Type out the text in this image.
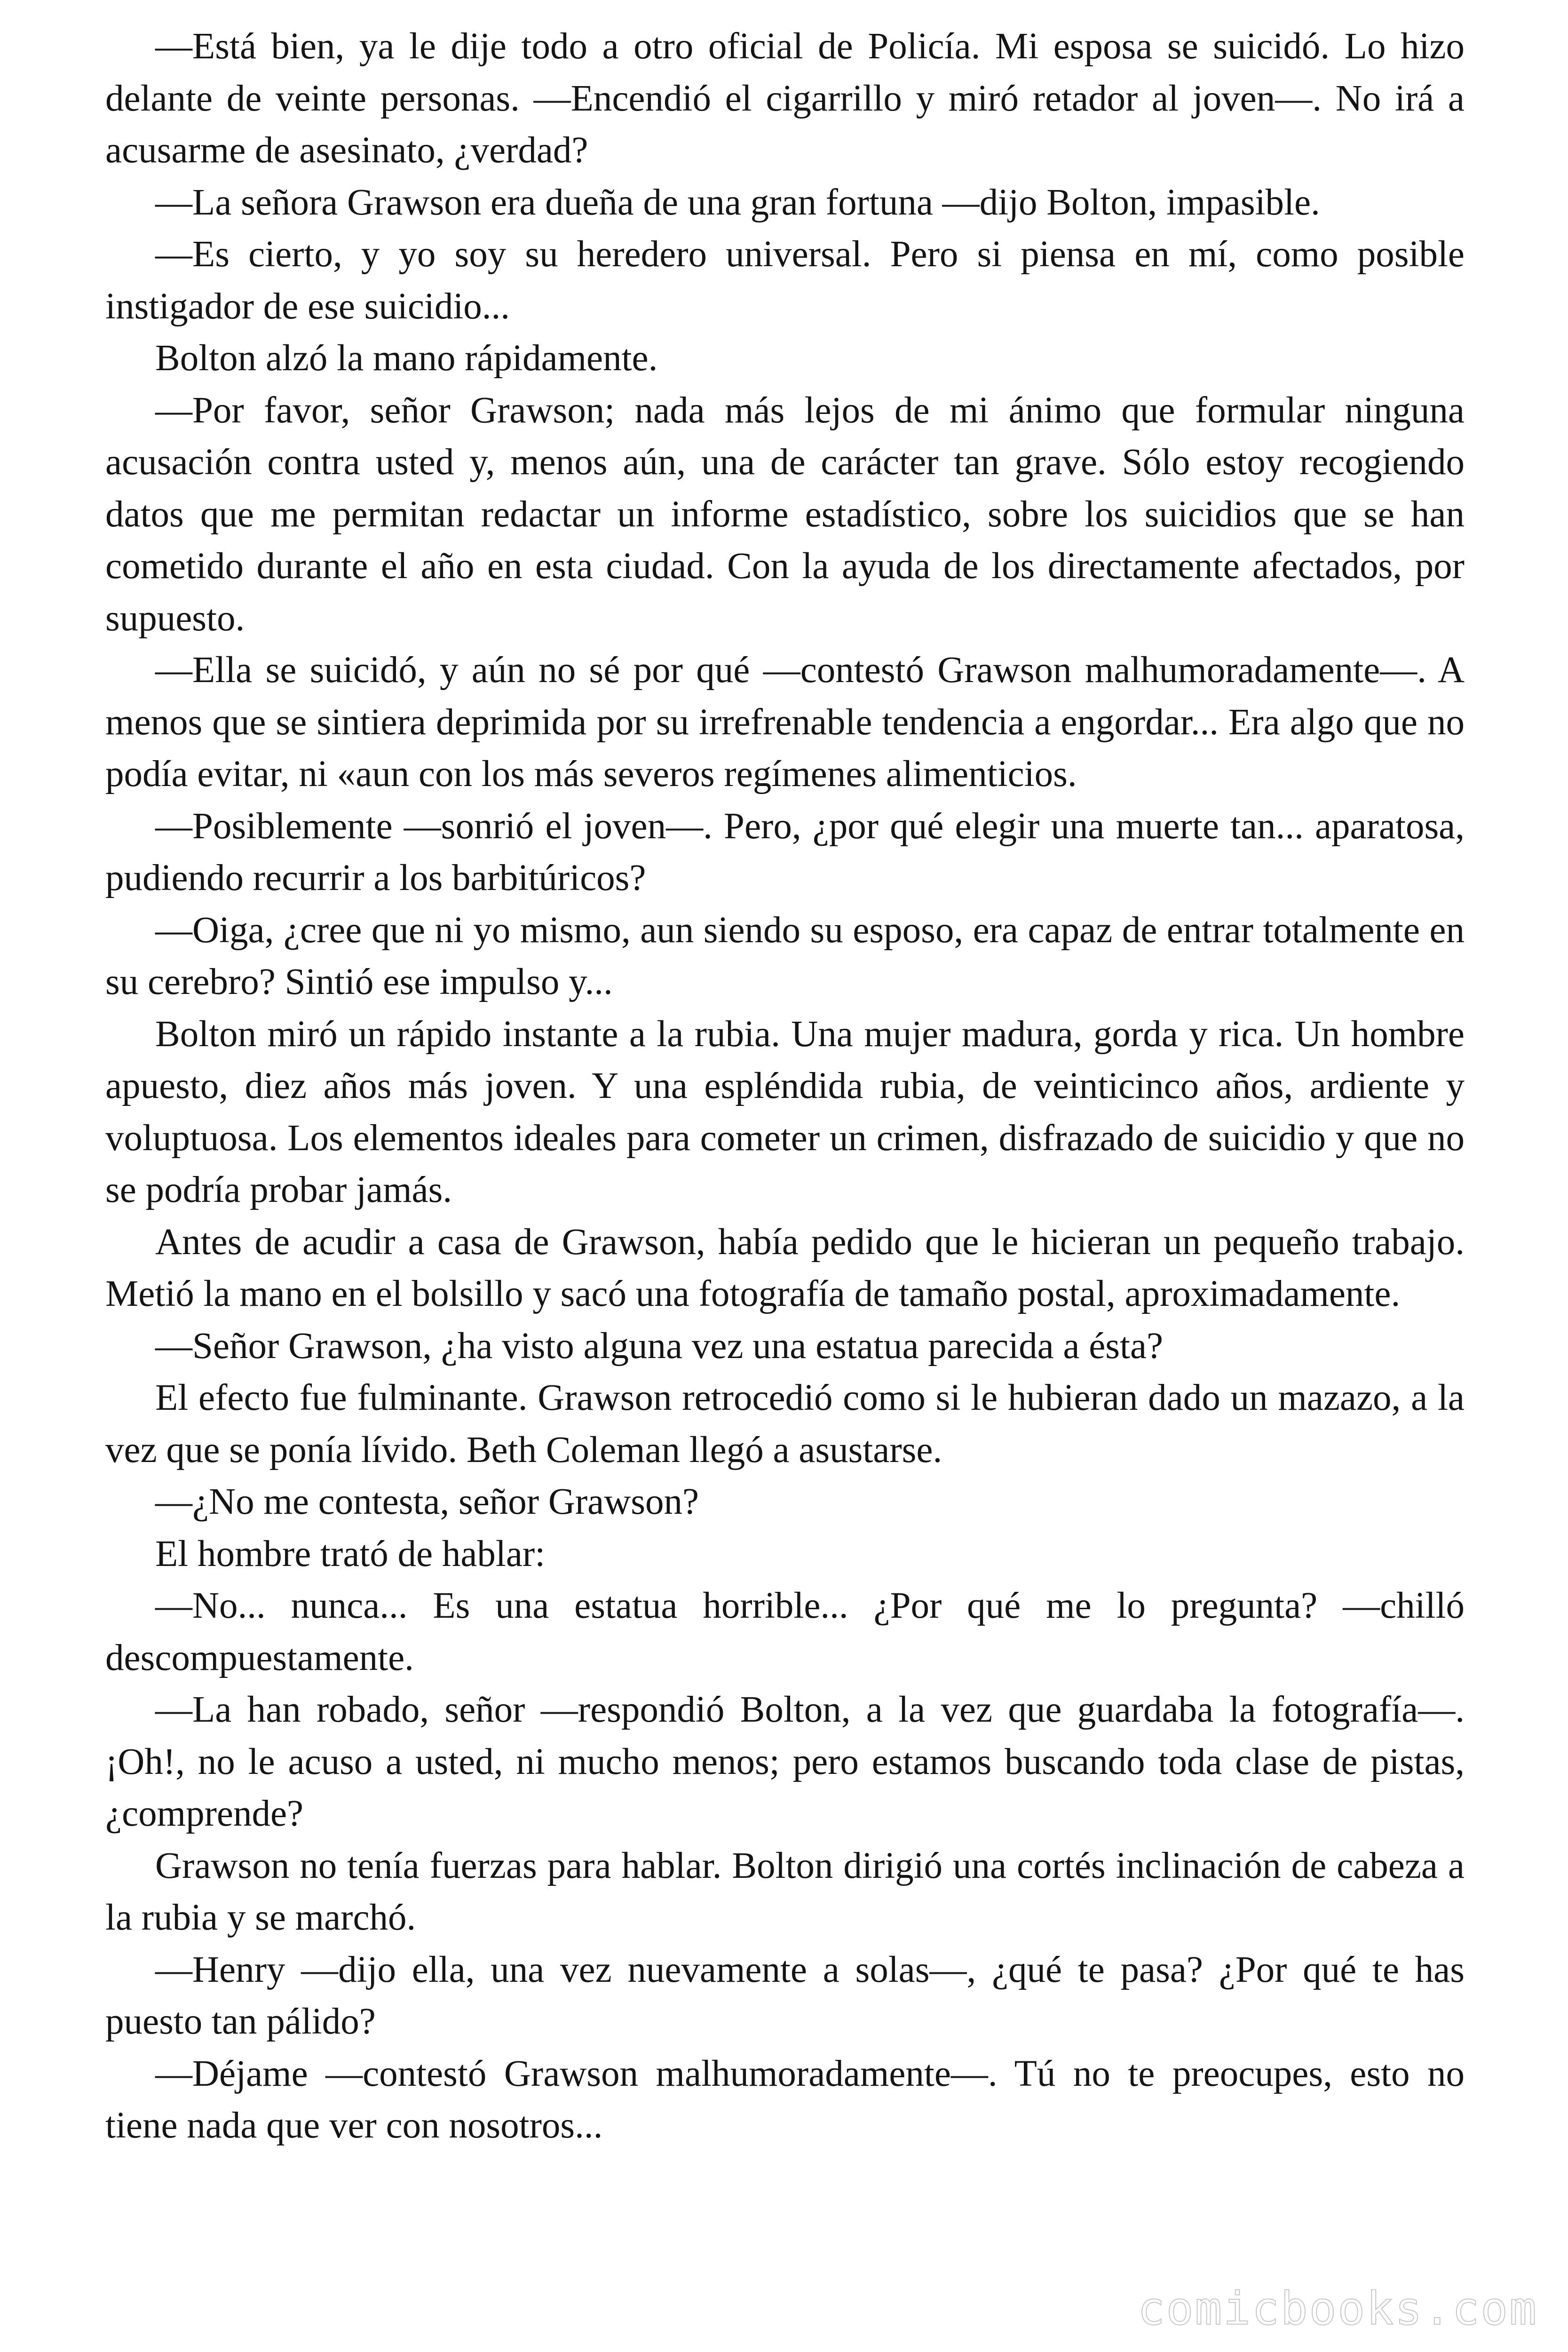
—Está bien, ya le dije todo a otro oficial de Policía. Mi esposa se suicidó. Lo hizo delante de veinte personas. —Encendió el cigarrillo y miró retador al joven—. No irá a acusarme de asesinato, ¿verdad?

—La señora Grawson era dueña de una gran fortuna —dijo Bolton, impasible.

—Es cierto, y yo soy su heredero universal. Pero si piensa en mí, como posible instigador de ese suicidio...

Bolton alzó la mano rápidamente.

—Por favor, señor Grawson; nada más lejos de mi ánimo que formular ninguna acusación contra usted y, menos aún, una de carácter tan grave. Sólo estoy recogiendo datos que me permitan redactar un informe estadístico, sobre los suicidios que se han cometido durante el año en esta ciudad. Con la ayuda de los directamente afectados, por supuesto.

—Ella se suicidó, y aún no sé por qué —contestó Grawson malhumoradamente—. A menos que se sintiera deprimida por su irrefrenable tendencia a engordar... Era algo que no podía evitar, ni «aun con los más severos regímenes alimenticios.

—Posiblemente —sonrió el joven—. Pero, ¿por qué elegir una muerte tan... aparatosa, pudiendo recurrir a los barbitúricos?

—Oiga, ¿cree que ni yo mismo, aun siendo su esposo, era capaz de entrar totalmente en su cerebro? Sintió ese impulso y...

Bolton miró un rápido instante a la rubia. Una mujer madura, gorda y rica. Un hombre apuesto, diez años más joven. Y una espléndida rubia, de veinticinco años, ardiente y voluptuosa. Los elementos ideales para cometer un crimen, disfrazado de suicidio y que no se podría probar jamás.

Antes de acudir a casa de Grawson, había pedido que le hicieran un pequeño trabajo. Metió la mano en el bolsillo y sacó una fotografía de tamaño postal, aproximadamente.

—Señor Grawson, ¿ha visto alguna vez una estatua parecida a ésta?

El efecto fue fulminante. Grawson retrocedió como si le hubieran dado un mazazo, a la vez que se ponía lívido. Beth Coleman llegó a asustarse.

—¿No me contesta, señor Grawson?

El hombre trató de hablar:

—No... nunca... Es una estatua horrible... ¿Por qué me lo pregunta? —chilló descompuestamente.

—La han robado, señor —respondió Bolton, a la vez que guardaba la fotografía—. ¡Oh!, no le acuso a usted, ni mucho menos; pero estamos buscando toda clase de pistas, ¿comprende?

Grawson no tenía fuerzas para hablar. Bolton dirigió una cortés inclinación de cabeza a la rubia y se marchó.

—Henry —dijo ella, una vez nuevamente a solas—, ¿qué te pasa? ¿Por qué te has puesto tan pálido?

—Déjame —contestó Grawson malhumoradamente—. Tú no te preocupes, esto no tiene nada que ver con nosotros...

comicbooks.com
